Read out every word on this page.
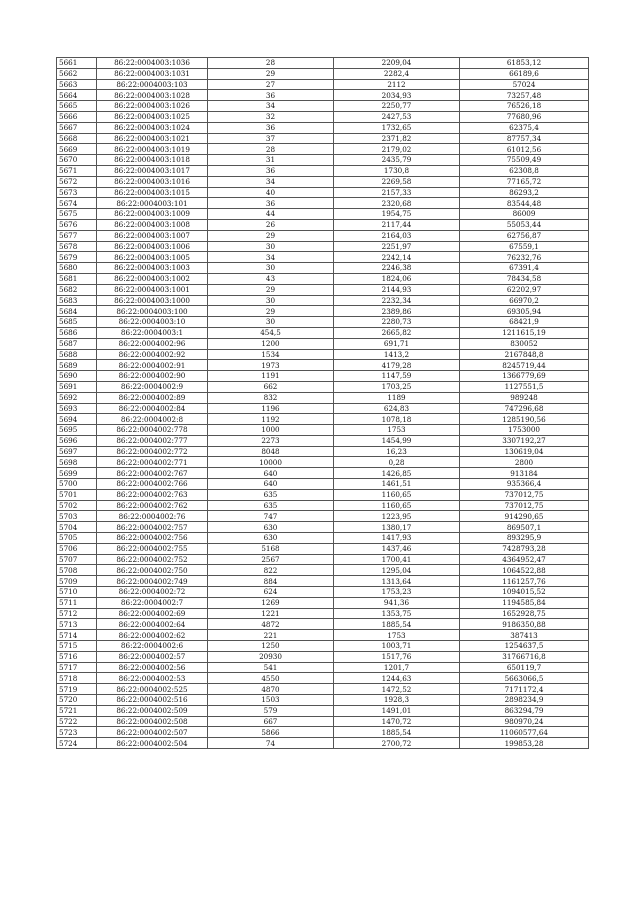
5661	86:22:0004003:1036	28	2209,04	61853,12
5662	86:22:0004003:1031	29	2282,4	66189,6
5663	86:22:0004003:103	27	2112	57024
5664	86:22:0004003:1028	36	2034,93	73257,48
5665	86:22:0004003:1026	34	2250,77	76526,18
5666	86:22:0004003:1025	32	2427,53	77680,96
5667	86:22:0004003:1024	36	1732,65	62375,4
5668	86:22:0004003:1021	37	2371,82	87757,34
5669	86:22:0004003:1019	28	2179,02	61012,56
5670	86:22:0004003:1018	31	2435,79	75509,49
5671	86:22:0004003:1017	36	1730,8	62308,8
5672	86:22:0004003:1016	34	2269,58	77165,72
5673	86:22:0004003:1015	40	2157,33	86293,2
5674	86:22:0004003:101	36	2320,68	83544,48
5675	86:22:0004003:1009	44	1954,75	86009
5676	86:22:0004003:1008	26	2117,44	55053,44
5677	86:22:0004003:1007	29	2164,03	62756,87
5678	86:22:0004003:1006	30	2251,97	67559,1
5679	86:22:0004003:1005	34	2242,14	76232,76
5680	86:22:0004003:1003	30	2246,38	67391,4
5681	86:22:0004003:1002	43	1824,06	78434,58
5682	86:22:0004003:1001	29	2144,93	62202,97
5683	86:22:0004003:1000	30	2232,34	66970,2
5684	86:22:0004003:100	29	2389,86	69305,94
5685	86:22:0004003:10	30	2280,73	68421,9
5686	86:22:0004003:1	454,5	2665,82	1211615,19
5687	86:22:0004002:96	1200	691,71	830052
5688	86:22:0004002:92	1534	1413,2	2167848,8
5689	86:22:0004002:91	1973	4179,28	8245719,44
5690	86:22:0004002:90	1191	1147,59	1366779,69
5691	86:22:0004002:9	662	1703,25	1127551,5
5692	86:22:0004002:89	832	1189	989248
5693	86:22:0004002:84	1196	624,83	747296,68
5694	86:22:0004002:8	1192	1078,18	1285190,56
5695	86:22:0004002:778	1000	1753	1753000
5696	86:22:0004002:777	2273	1454,99	3307192,27
5697	86:22:0004002:772	8048	16,23	130619,04
5698	86:22:0004002:771	10000	0,28	2800
5699	86:22:0004002:767	640	1426,85	913184
5700	86:22:0004002:766	640	1461,51	935366,4
5701	86:22:0004002:763	635	1160,65	737012,75
5702	86:22:0004002:762	635	1160,65	737012,75
5703	86:22:0004002:76	747	1223,95	914290,65
5704	86:22:0004002:757	630	1380,17	869507,1
5705	86:22:0004002:756	630	1417,93	893295,9
5706	86:22:0004002:755	5168	1437,46	7428793,28
5707	86:22:0004002:752	2567	1700,41	4364952,47
5708	86:22:0004002:750	822	1295,04	1064522,88
5709	86:22:0004002:749	884	1313,64	1161257,76
5710	86:22:0004002:72	624	1753,23	1094015,52
5711	86:22:0004002:7	1269	941,36	1194585,84
5712	86:22:0004002:69	1221	1353,75	1652928,75
5713	86:22:0004002:64	4872	1885,54	9186350,88
5714	86:22:0004002:62	221	1753	387413
5715	86:22:0004002:6	1250	1003,71	1254637,5
5716	86:22:0004002:57	20930	1517,76	31766716,8
5717	86:22:0004002:56	541	1201,7	650119,7
5718	86:22:0004002:53	4550	1244,63	5663066,5
5719	86:22:0004002:525	4870	1472,52	7171172,4
5720	86:22:0004002:516	1503	1928,3	2898234,9
5721	86:22:0004002:509	579	1491,01	863294,79
5722	86:22:0004002:508	667	1470,72	980970,24
5723	86:22:0004002:507	5866	1885,54	11060577,64
5724	86:22:0004002:504	74	2700,72	199853,28
